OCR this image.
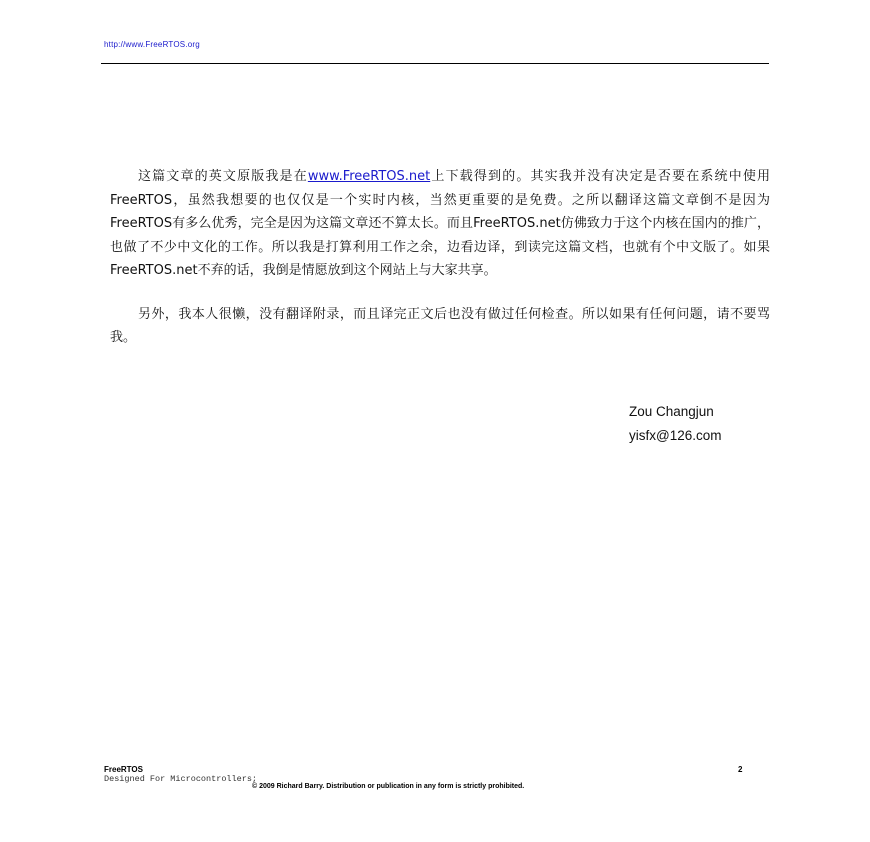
http://www.FreeRTOS.org

这篇文章的英文原版我是在www.FreeRTOS.net上下载得到的。其实我并没有决定是否要在系统中使用FreeRTOS，虽然我想要的也仅仅是一个实时内核，当然更重要的是免费。之所以翻译这篇文章倒不是因为FreeRTOS有多么优秀，完全是因为这篇文章还不算太长。而且FreeRTOS.net仿佛致力于这个内核在国内的推广，也做了不少中文化的工作。所以我是打算利用工作之余，边看边译，到读完这篇文档，也就有个中文版了。如果FreeRTOS.net不弃的话，我倒是情愿放到这个网站上与大家共享。

另外，我本人很懒，没有翻译附录，而且译完正文后也没有做过任何检查。所以如果有任何问题，请不要骂我。

Zou Changjun
yisfx@126.com
FreeRTOS
Designed For Microcontrollers;
2
© 2009 Richard Barry. Distribution or publication in any form is strictly prohibited.
